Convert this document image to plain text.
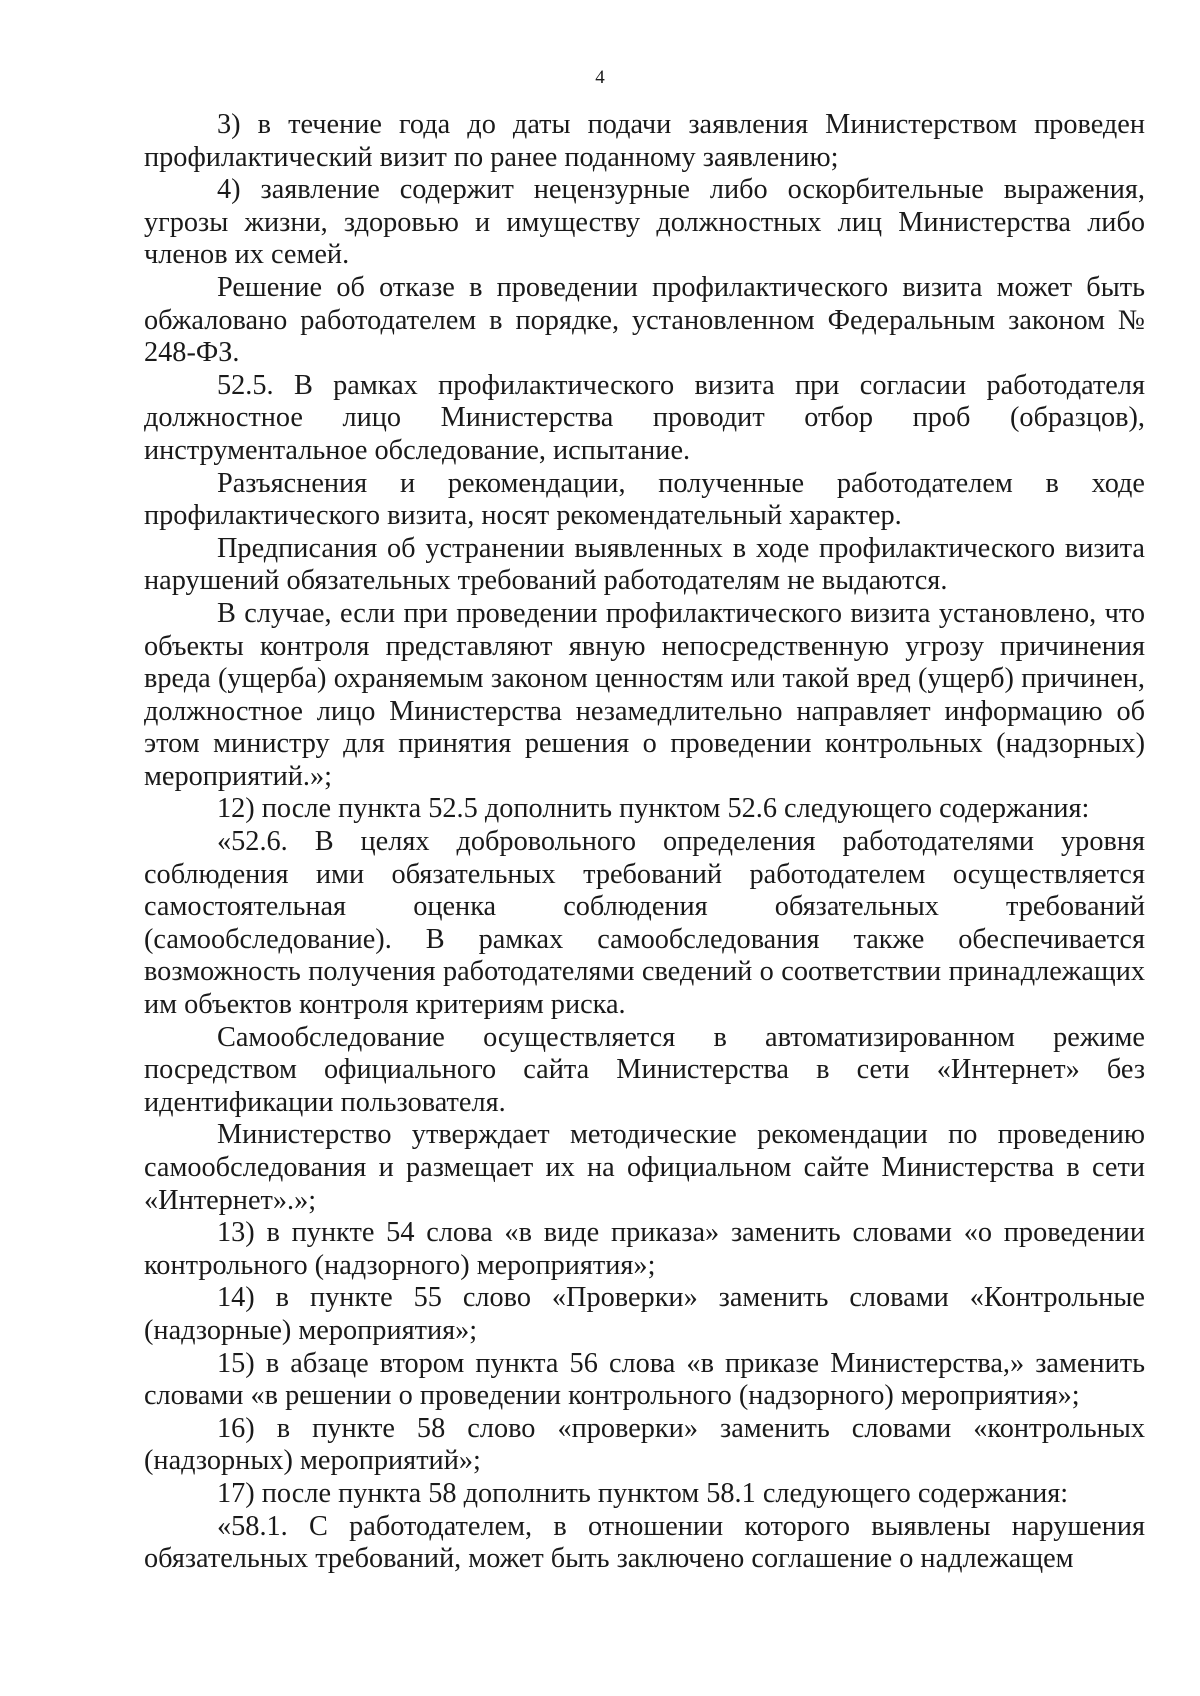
4

3) в течение года до даты подачи заявления Министерством проведен профилактический визит по ранее поданному заявлению;

4) заявление содержит нецензурные либо оскорбительные выражения, угрозы жизни, здоровью и имуществу должностных лиц Министерства либо членов их семей.

Решение об отказе в проведении профилактического визита может быть обжаловано работодателем в порядке, установленном Федеральным законом № 248-ФЗ.

52.5. В рамках профилактического визита при согласии работодателя должностное лицо Министерства проводит отбор проб (образцов), инструментальное обследование, испытание.

Разъяснения и рекомендации, полученные работодателем в ходе профилактического визита, носят рекомендательный характер.

Предписания об устранении выявленных в ходе профилактического визита нарушений обязательных требований работодателям не выдаются.

В случае, если при проведении профилактического визита установлено, что объекты контроля представляют явную непосредственную угрозу причинения вреда (ущерба) охраняемым законом ценностям или такой вред (ущерб) причинен, должностное лицо Министерства незамедлительно направляет информацию об этом министру для принятия решения о проведении контрольных (надзорных) мероприятий.»;

12) после пункта 52.5 дополнить пунктом 52.6 следующего содержания:

«52.6. В целях добровольного определения работодателями уровня соблюдения ими обязательных требований работодателем осуществляется самостоятельная оценка соблюдения обязательных требований (самообследование). В рамках самообследования также обеспечивается возможность получения работодателями сведений о соответствии принадлежащих им объектов контроля критериям риска.

Самообследование осуществляется в автоматизированном режиме посредством официального сайта Министерства в сети «Интернет» без идентификации пользователя.

Министерство утверждает методические рекомендации по проведению самообследования и размещает их на официальном сайте Министерства в сети «Интернет».»;

13) в пункте 54 слова «в виде приказа» заменить словами «о проведении контрольного (надзорного) мероприятия»;

14) в пункте 55 слово «Проверки» заменить словами «Контрольные (надзорные) мероприятия»;

15) в абзаце втором пункта 56 слова «в приказе Министерства,» заменить словами «в решении о проведении контрольного (надзорного) мероприятия»;

16) в пункте 58 слово «проверки» заменить словами «контрольных (надзорных) мероприятий»;

17) после пункта 58 дополнить пунктом 58.1 следующего содержания:

«58.1. С работодателем, в отношении которого выявлены нарушения обязательных требований, может быть заключено соглашение о надлежащем
